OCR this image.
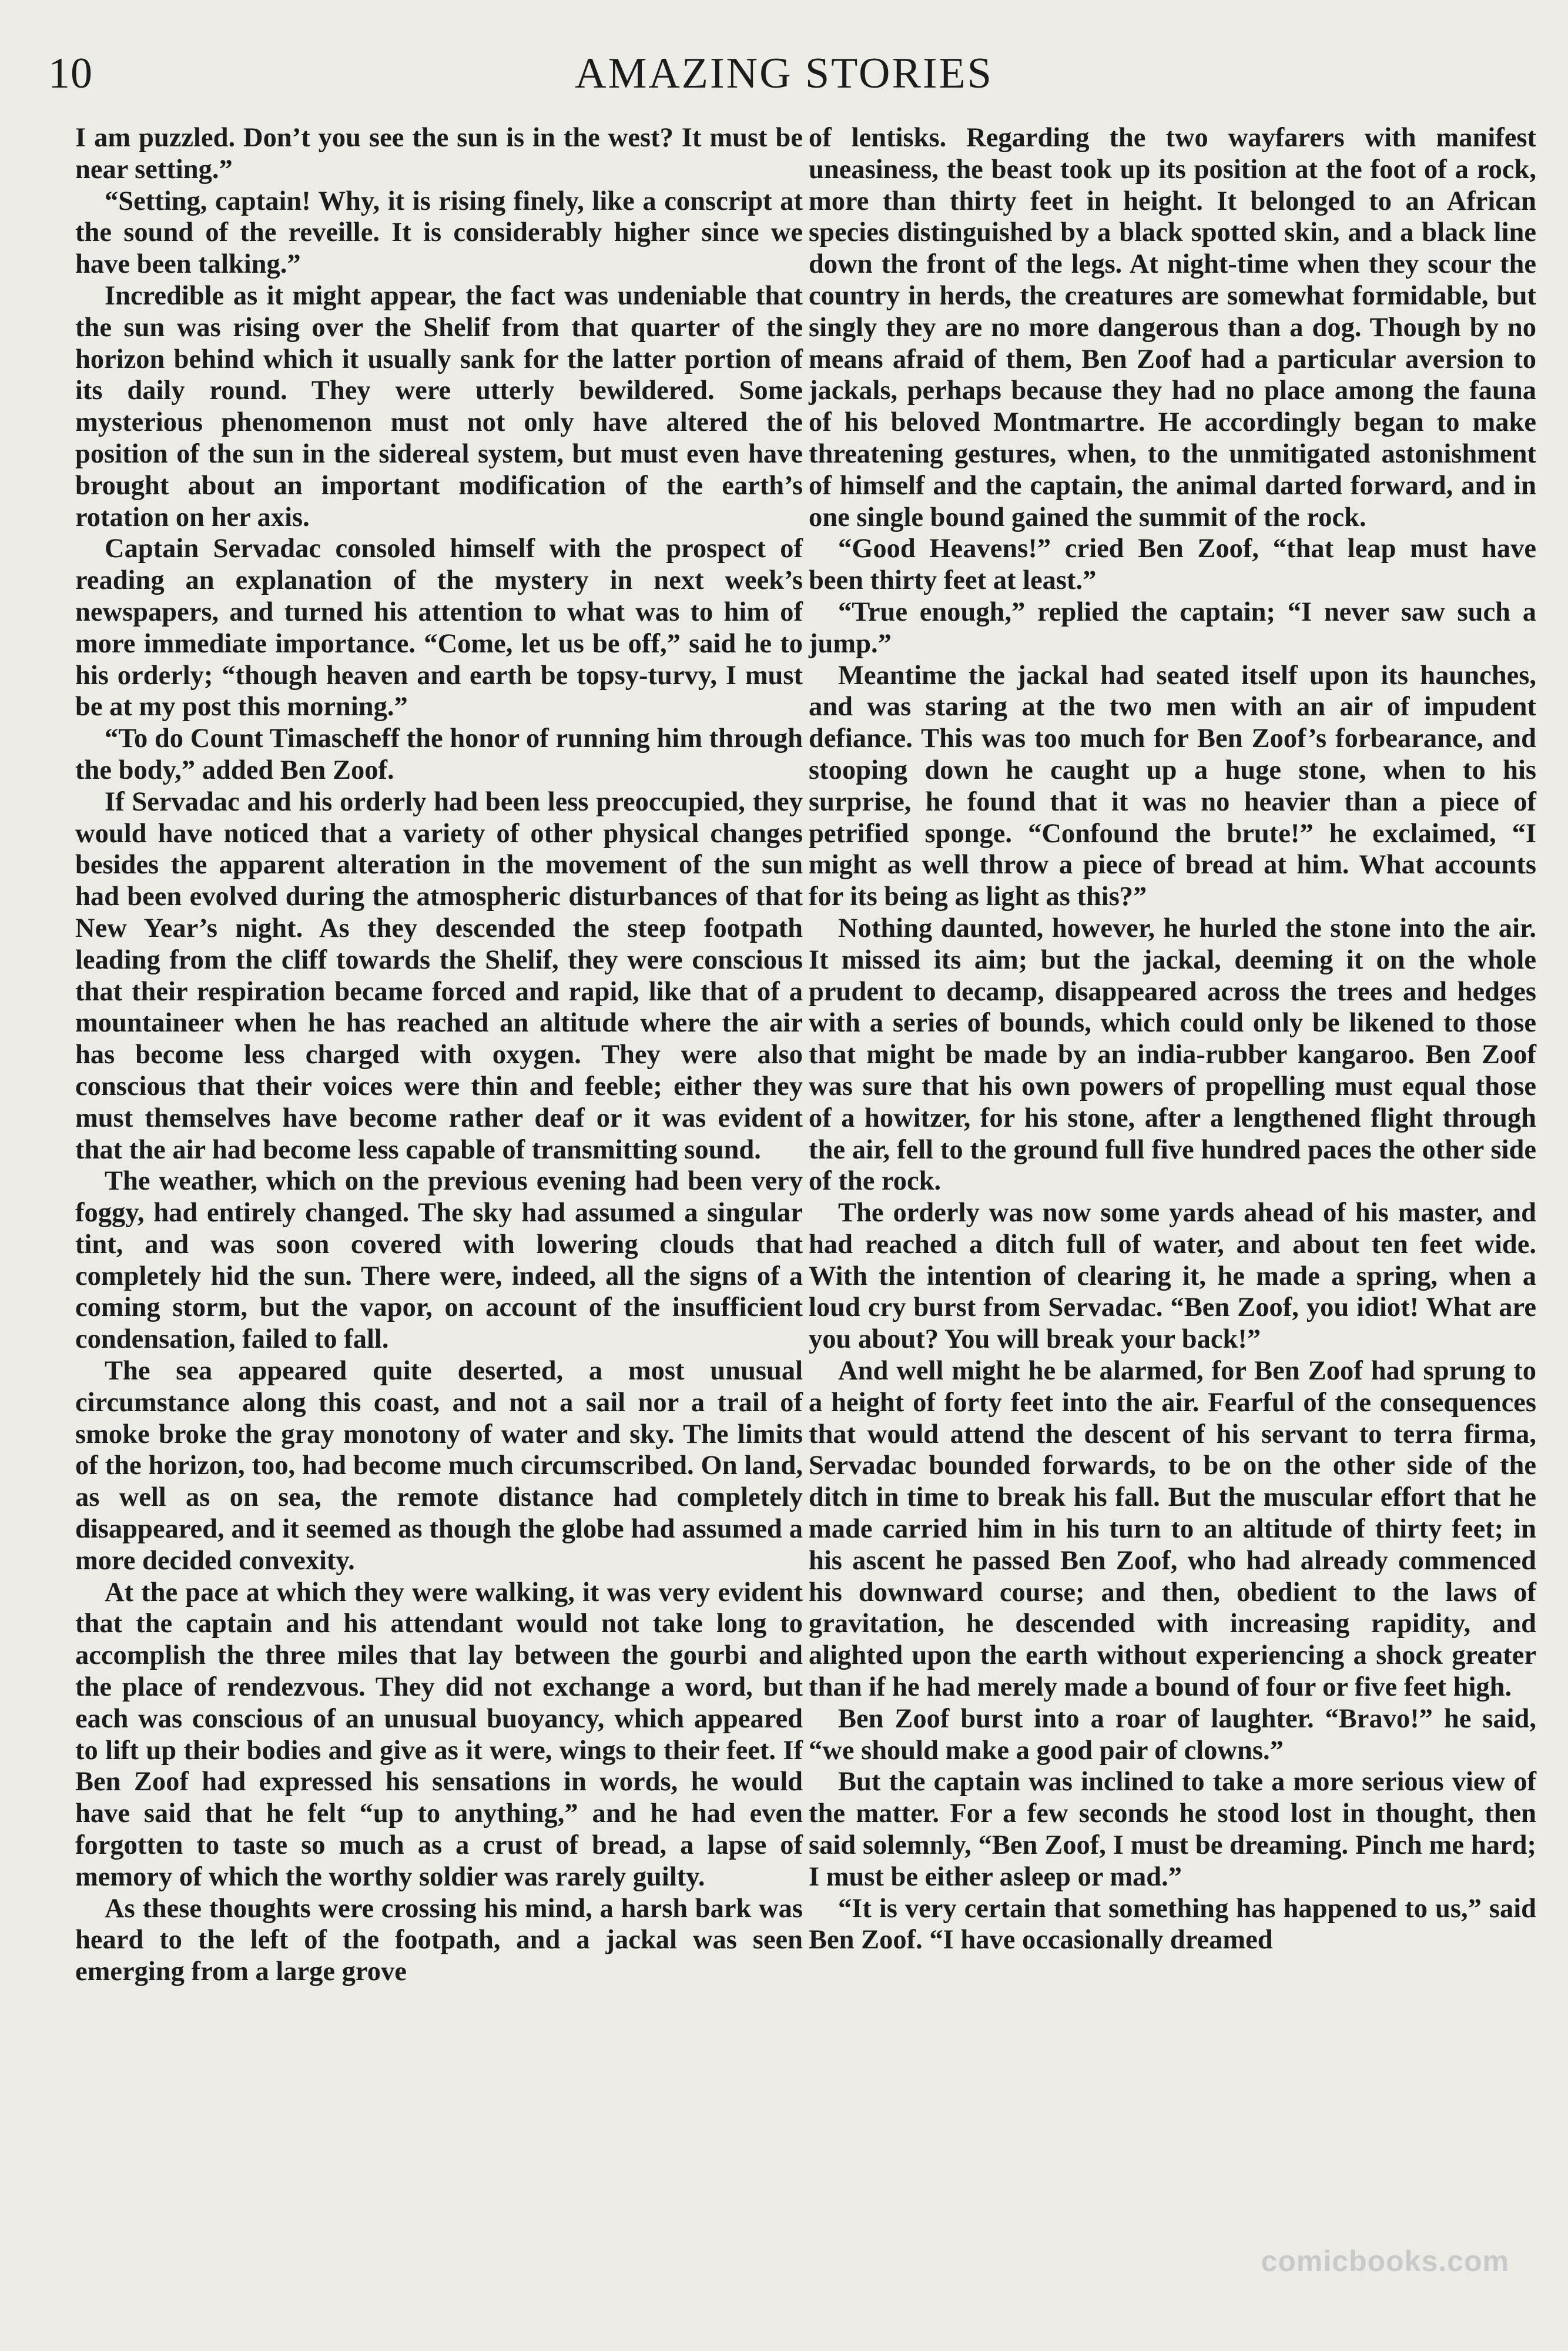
10	AMAZING STORIES

I am puzzled. Don’t you see the sun is in the west? It must be near setting.”

“Setting, captain! Why, it is rising finely, like a conscript at the sound of the reveille. It is considerably higher since we have been talking.”

Incredible as it might appear, the fact was undeniable that the sun was rising over the Shelif from that quarter of the horizon behind which it usually sank for the latter portion of its daily round. They were utterly bewildered. Some mysterious phenomenon must not only have altered the position of the sun in the sidereal system, but must even have brought about an important modification of the earth’s rotation on her axis.

Captain Servadac consoled himself with the prospect of reading an explanation of the mystery in next week’s newspapers, and turned his attention to what was to him of more immediate importance. “Come, let us be off,” said he to his orderly; “though heaven and earth be topsy-turvy, I must be at my post this morning.”

“To do Count Timascheff the honor of running him through the body,” added Ben Zoof.

If Servadac and his orderly had been less preoccupied, they would have noticed that a variety of other physical changes besides the apparent alteration in the movement of the sun had been evolved during the atmospheric disturbances of that New Year’s night. As they descended the steep footpath leading from the cliff towards the Shelif, they were conscious that their respiration became forced and rapid, like that of a mountaineer when he has reached an altitude where the air has become less charged with oxygen. They were also conscious that their voices were thin and feeble; either they must themselves have become rather deaf or it was evident that the air had become less capable of transmitting sound.

The weather, which on the previous evening had been very foggy, had entirely changed. The sky had assumed a singular tint, and was soon covered with lowering clouds that completely hid the sun. There were, indeed, all the signs of a coming storm, but the vapor, on account of the insufficient condensation, failed to fall.

The sea appeared quite deserted, a most unusual circumstance along this coast, and not a sail nor a trail of smoke broke the gray monotony of water and sky. The limits of the horizon, too, had become much circumscribed. On land, as well as on sea, the remote distance had completely disappeared, and it seemed as though the globe had assumed a more decided convexity.

At the pace at which they were walking, it was very evident that the captain and his attendant would not take long to accomplish the three miles that lay between the gourbi and the place of rendezvous. They did not exchange a word, but each was conscious of an unusual buoyancy, which appeared to lift up their bodies and give as it were, wings to their feet. If Ben Zoof had expressed his sensations in words, he would have said that he felt “up to anything,” and he had even forgotten to taste so much as a crust of bread, a lapse of memory of which the worthy soldier was rarely guilty.

As these thoughts were crossing his mind, a harsh bark was heard to the left of the footpath, and a jackal was seen emerging from a large grove

of lentisks. Regarding the two wayfarers with manifest uneasiness, the beast took up its position at the foot of a rock, more than thirty feet in height. It belonged to an African species distinguished by a black spotted skin, and a black line down the front of the legs. At night-time when they scour the country in herds, the creatures are somewhat formidable, but singly they are no more dangerous than a dog. Though by no means afraid of them, Ben Zoof had a particular aversion to jackals, perhaps because they had no place among the fauna of his beloved Montmartre. He accordingly began to make threatening gestures, when, to the unmitigated astonishment of himself and the captain, the animal darted forward, and in one single bound gained the summit of the rock.

“Good Heavens!” cried Ben Zoof, “that leap must have been thirty feet at least.”

“True enough,” replied the captain; “I never saw such a jump.”

Meantime the jackal had seated itself upon its haunches, and was staring at the two men with an air of impudent defiance. This was too much for Ben Zoof’s forbearance, and stooping down he caught up a huge stone, when to his surprise, he found that it was no heavier than a piece of petrified sponge. “Confound the brute!” he exclaimed, “I might as well throw a piece of bread at him. What accounts for its being as light as this?”

Nothing daunted, however, he hurled the stone into the air. It missed its aim; but the jackal, deeming it on the whole prudent to decamp, disappeared across the trees and hedges with a series of bounds, which could only be likened to those that might be made by an india-rubber kangaroo. Ben Zoof was sure that his own powers of propelling must equal those of a howitzer, for his stone, after a lengthened flight through the air, fell to the ground full five hundred paces the other side of the rock.

The orderly was now some yards ahead of his master, and had reached a ditch full of water, and about ten feet wide. With the intention of clearing it, he made a spring, when a loud cry burst from Servadac. “Ben Zoof, you idiot! What are you about? You will break your back!”

And well might he be alarmed, for Ben Zoof had sprung to a height of forty feet into the air. Fearful of the consequences that would attend the descent of his servant to terra firma, Servadac bounded forwards, to be on the other side of the ditch in time to break his fall. But the muscular effort that he made carried him in his turn to an altitude of thirty feet; in his ascent he passed Ben Zoof, who had already commenced his downward course; and then, obedient to the laws of gravitation, he descended with increasing rapidity, and alighted upon the earth without experiencing a shock greater than if he had merely made a bound of four or five feet high.

Ben Zoof burst into a roar of laughter. “Bravo!” he said, “we should make a good pair of clowns.”

But the captain was inclined to take a more serious view of the matter. For a few seconds he stood lost in thought, then said solemnly, “Ben Zoof, I must be dreaming. Pinch me hard; I must be either asleep or mad.”

“It is very certain that something has happened to us,” said Ben Zoof. “I have occasionally dreamed

comicbooks.com
